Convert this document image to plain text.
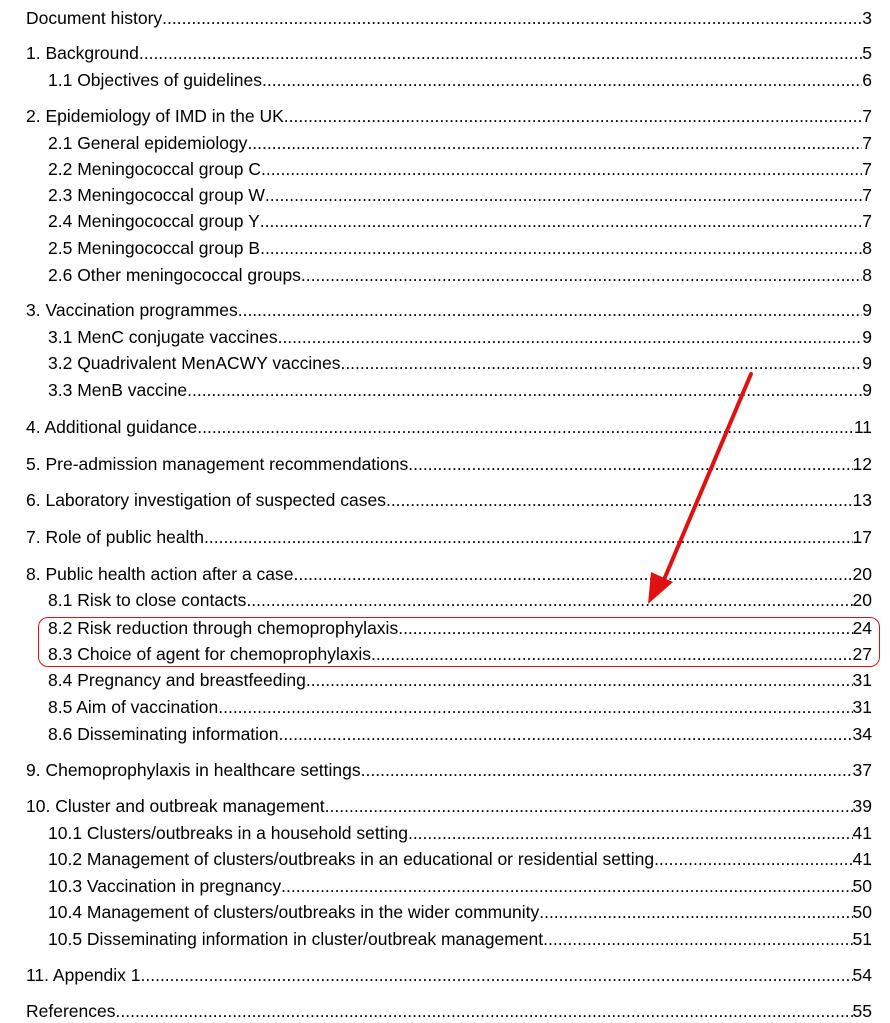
Document history .....	3
1. Background .....	5
1.1 Objectives of guidelines .....	6
2. Epidemiology of IMD in the UK .....	7
2.1 General epidemiology .....	7
2.2 Meningococcal group C .....	7
2.3 Meningococcal group W .....	7
2.4 Meningococcal group Y .....	7
2.5 Meningococcal group B .....	8
2.6 Other meningococcal groups .....	8
3. Vaccination programmes .....	9
3.1 MenC conjugate vaccines .....	9
3.2 Quadrivalent MenACWY vaccines .....	9
3.3 MenB vaccine .....	9
4. Additional guidance .....	11
5. Pre-admission management recommendations .....	12
6. Laboratory investigation of suspected cases .....	13
7. Role of public health .....	17
8. Public health action after a case .....	20
8.1 Risk to close contacts .....	20
8.2 Risk reduction through chemoprophylaxis .....	24
8.3 Choice of agent for chemoprophylaxis .....	27
8.4 Pregnancy and breastfeeding .....	31
8.5 Aim of vaccination .....	31
8.6 Disseminating information .....	34
9. Chemoprophylaxis in healthcare settings .....	37
10. Cluster and outbreak management .....	39
10.1 Clusters/outbreaks in a household setting .....	41
10.2 Management of clusters/outbreaks in an educational or residential setting .....	41
10.3 Vaccination in pregnancy .....	50
10.4 Management of clusters/outbreaks in the wider community .....	50
10.5 Disseminating information in cluster/outbreak management .....	51
11. Appendix 1 .....	54
References .....	55
